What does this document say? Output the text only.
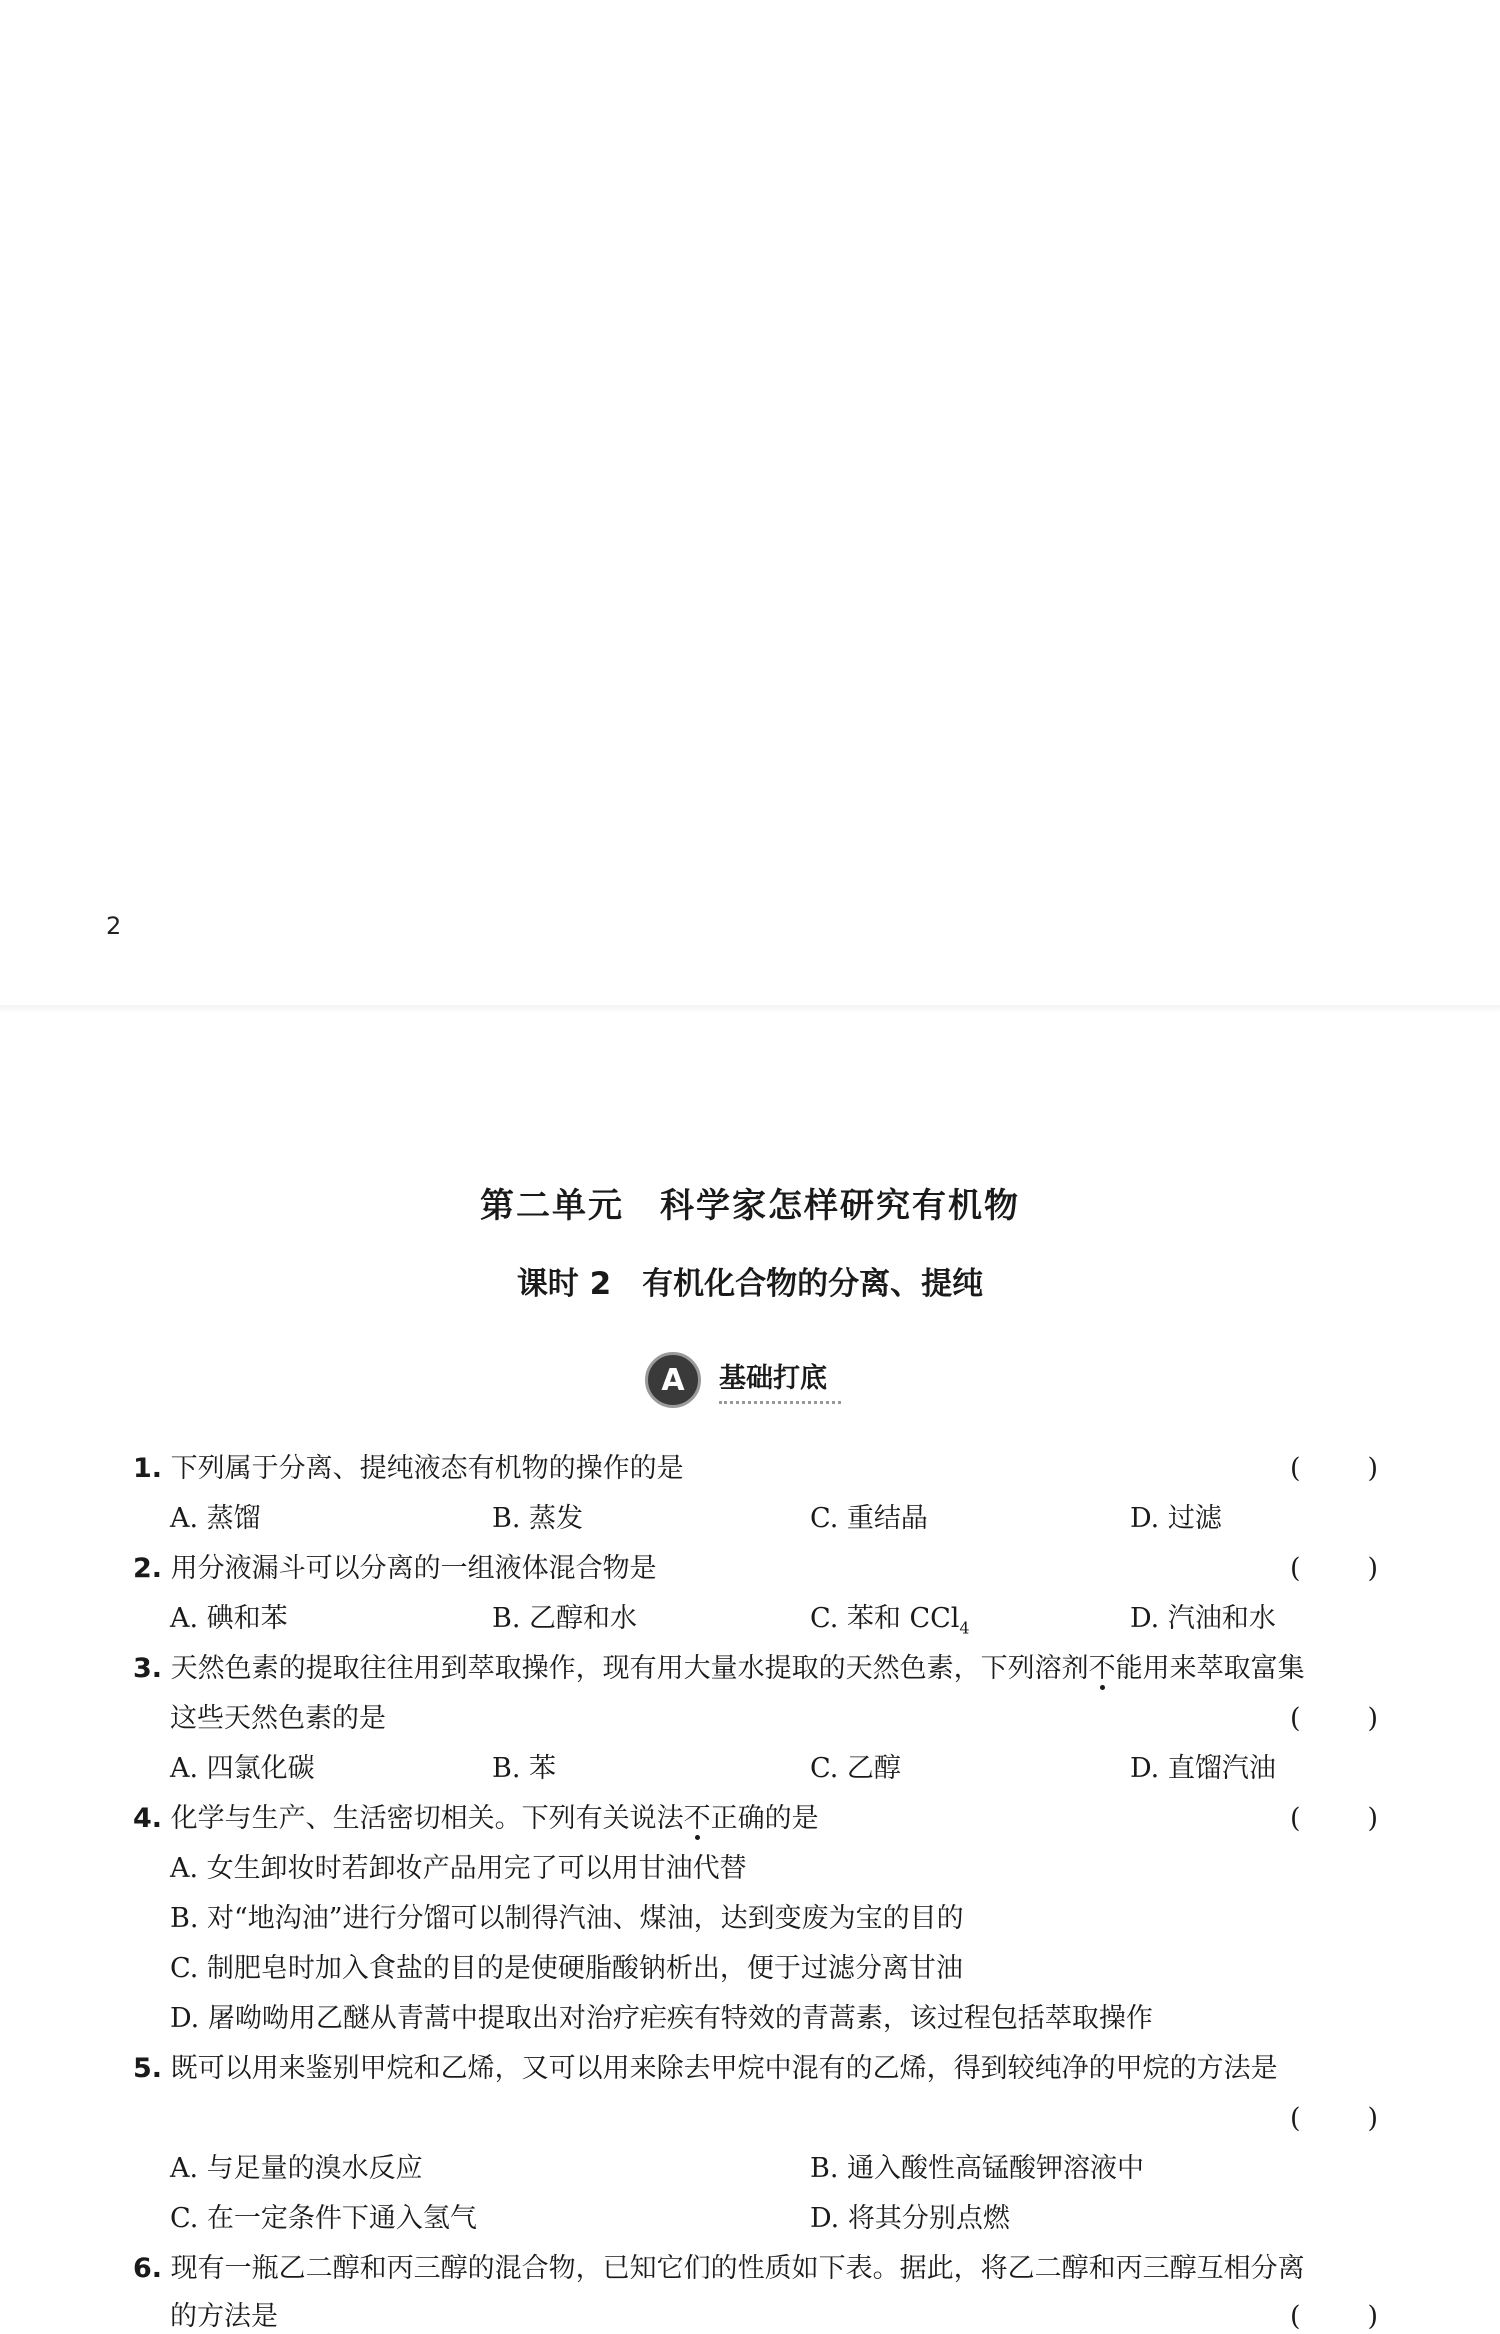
2
第二单元　科学家怎样研究有机物
课时 2　有机化合物的分离、提纯
A	基础打底
1. 下列属于分离、提纯液态有机物的操作的是	( )
A. 蒸馏	B. 蒸发	C. 重结晶	D. 过滤
2. 用分液漏斗可以分离的一组液体混合物是	( )
A. 碘和苯	B. 乙醇和水	C. 苯和 CCl$_4$	D. 汽油和水
3. 天然色素的提取往往用到萃取操作，现有用大量水提取的天然色素，下列溶剂不能用来萃取富集
这些天然色素的是	( )
A. 四氯化碳	B. 苯	C. 乙醇	D. 直馏汽油
4. 化学与生产、生活密切相关。下列有关说法不正确的是	( )
A. 女生卸妆时若卸妆产品用完了可以用甘油代替
B. 对“地沟油”进行分馏可以制得汽油、煤油，达到变废为宝的目的
C. 制肥皂时加入食盐的目的是使硬脂酸钠析出，便于过滤分离甘油
D. 屠呦呦用乙醚从青蒿中提取出对治疗疟疾有特效的青蒿素，该过程包括萃取操作
5. 既可以用来鉴别甲烷和乙烯，又可以用来除去甲烷中混有的乙烯，得到较纯净的甲烷的方法是
( )
A. 与足量的溴水反应	B. 通入酸性高锰酸钾溶液中
C. 在一定条件下通入氢气	D. 将其分别点燃
6. 现有一瓶乙二醇和丙三醇的混合物，已知它们的性质如下表。据此，将乙二醇和丙三醇互相分离
的方法是	( )
